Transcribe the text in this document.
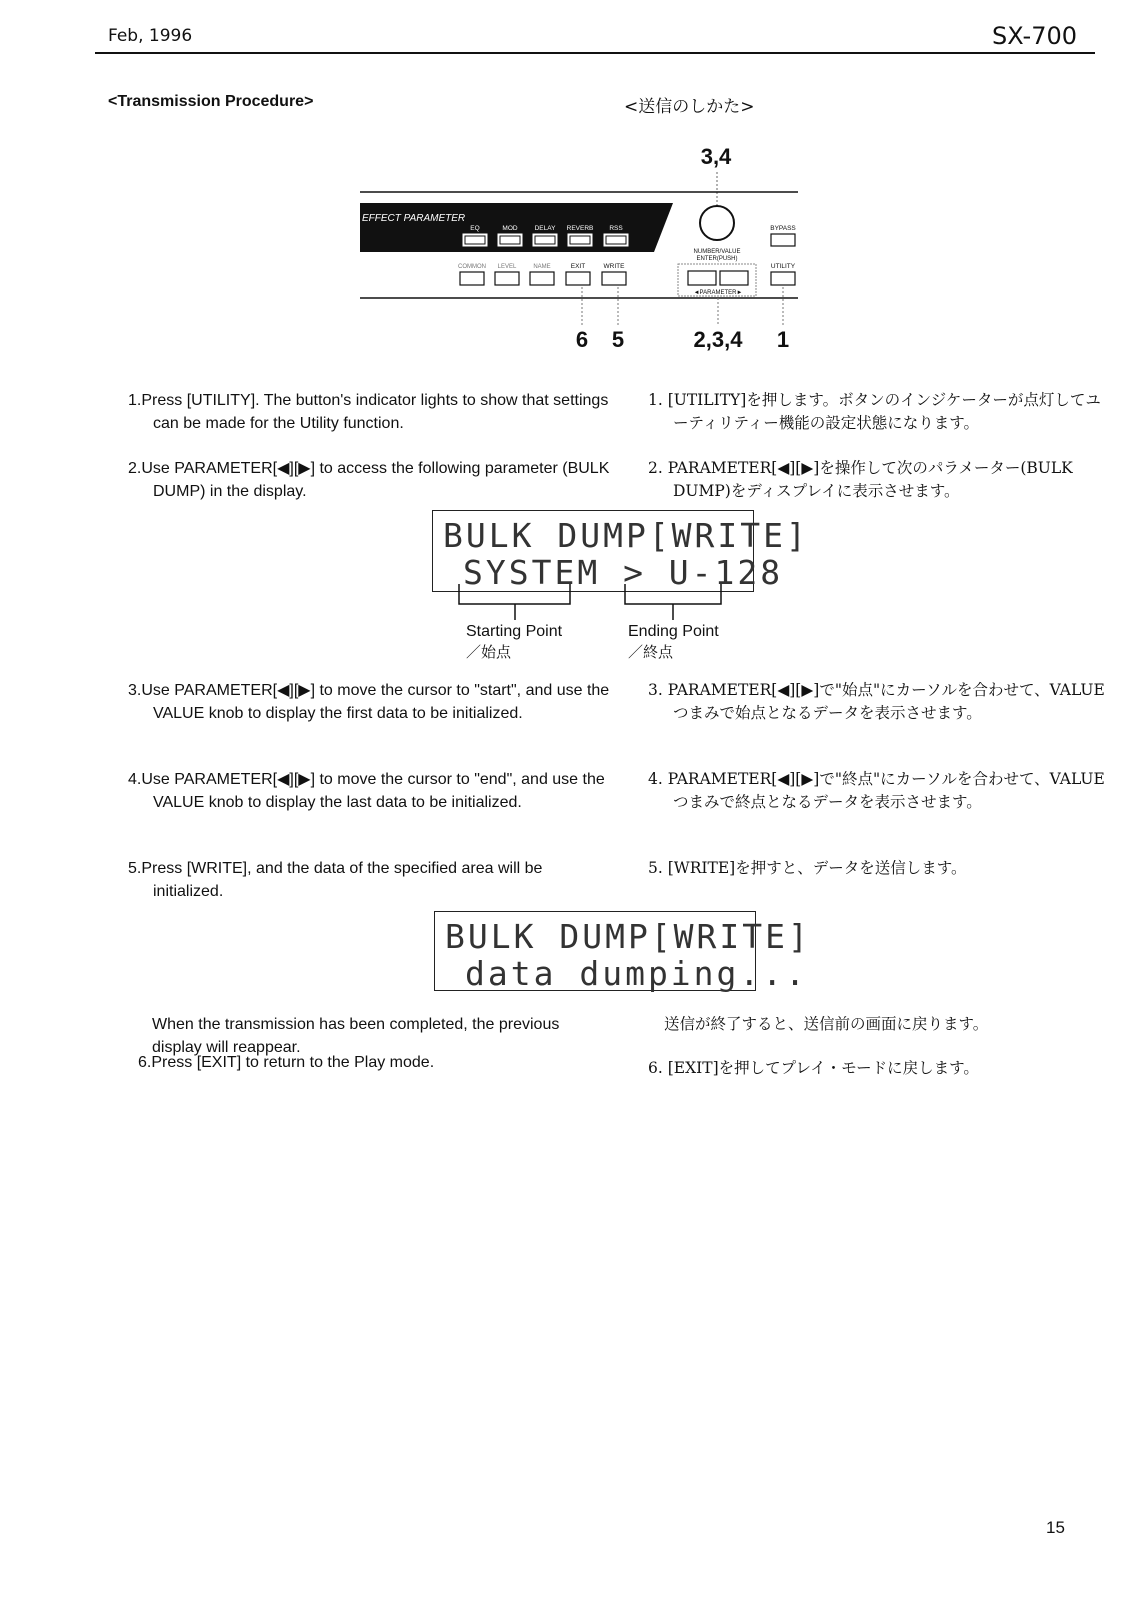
Feb, 1996	SX-700
<Transmission Procedure>	<送信のしかた>
3,4
EFFECT PARAMETER
EQ	MOD	DELAY REVERB RSS
NUMBER/VALUE
ENTER(PUSH)
BYPASS
COMMON LEVEL	NAME	EXIT	WRITE
◄PARAMETER►
UTILITY
6 5	2,3,4 1
1.Press [UTILITY]. The button's indicator lights to show that settings can be made for the Utility function.
1. [UTILITY]を押します。ボタンのインジケーターが点灯してユーティリティー機能の設定状態になります。
2.Use PARAMETER[◀][▶] to access the following parameter (BULK DUMP) in the display.
2. PARAMETER[◀][▶]を操作して次のパラメーター(BULK DUMP)をディスプレイに表示させます。
BULK DUMP[WRITE]
SYSTEM > U-128
Starting Point
／始点
Ending Point
／終点
3.Use PARAMETER[◀][▶] to move the cursor to "start", and use the VALUE knob to display the first data to be initialized.
3. PARAMETER[◀][▶]で"始点"にカーソルを合わせて、VALUEつまみで始点となるデータを表示させます。
4.Use PARAMETER[◀][▶] to move the cursor to "end", and use the VALUE knob to display the last data to be initialized.
4. PARAMETER[◀][▶]で"終点"にカーソルを合わせて、VALUEつまみで終点となるデータを表示させます。
5.Press [WRITE], and the data of the specified area will be initialized.
5. [WRITE]を押すと、データを送信します。
BULK DUMP[WRITE]
data dumping...
When the transmission has been completed, the previous display will reappear.
送信が終了すると、送信前の画面に戻ります。
6.Press [EXIT] to return to the Play mode.	6. [EXIT]を押してプレイ・モードに戻します。
15
